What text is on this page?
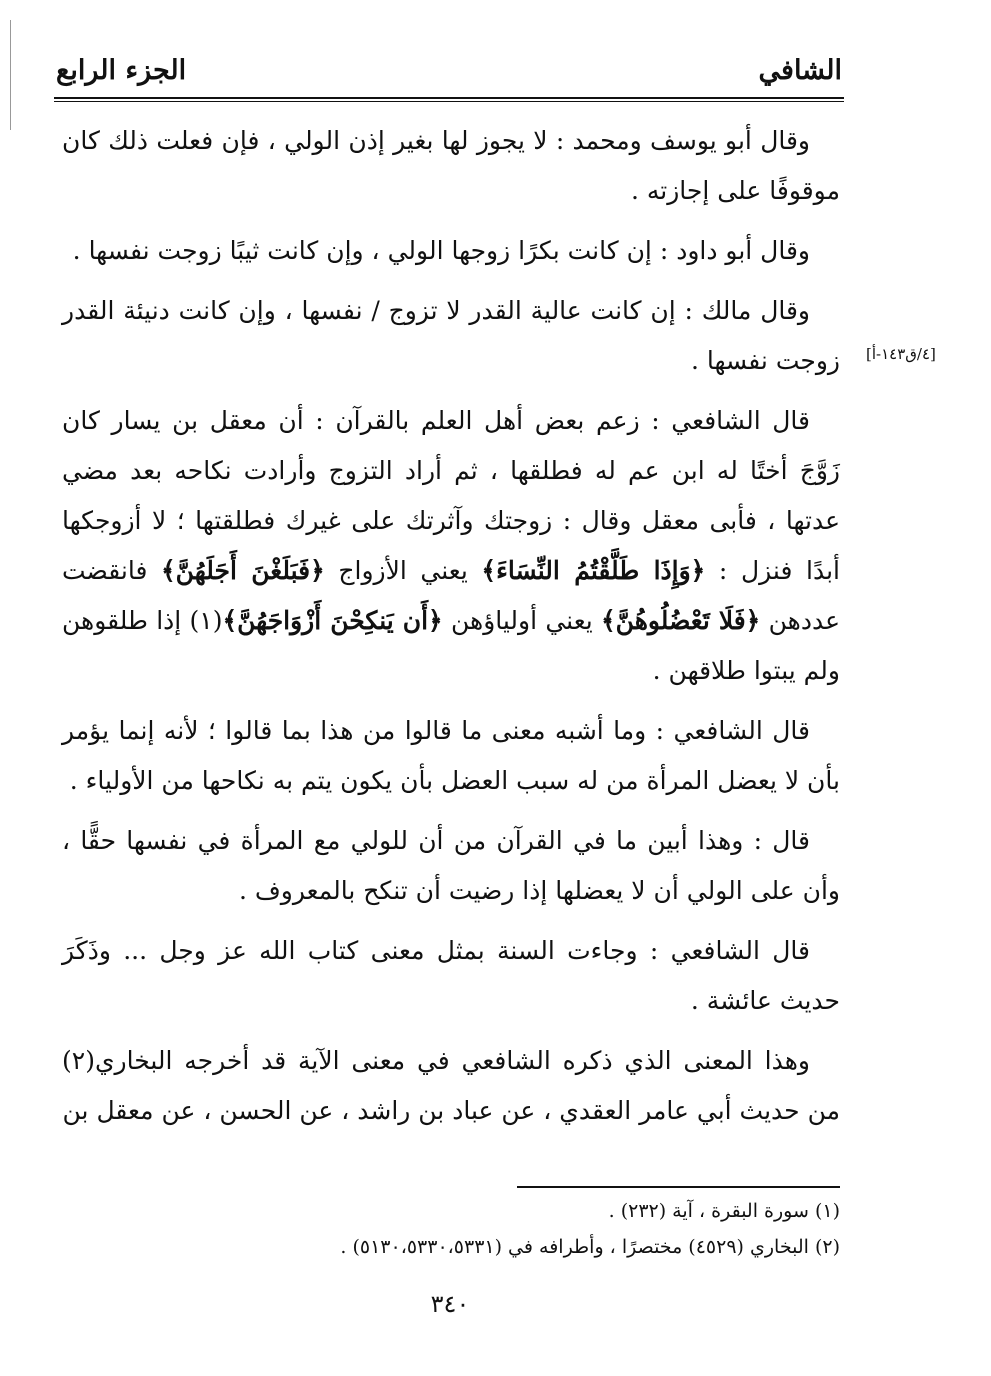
الشافي
الجزء الرابع
[٤/ق١٤٣-أ]

وقال أبو يوسف ومحمد : لا يجوز لها بغير إذن الولي ، فإن فعلت ذلك كان موقوفًا على إجازته .

وقال أبو داود : إن كانت بكرًا زوجها الولي ، وإن كانت ثيبًا زوجت نفسها .

وقال مالك : إن كانت عالية القدر لا تزوج / نفسها ، وإن كانت دنيئة القدر زوجت نفسها .

قال الشافعي : زعم بعض أهل العلم بالقرآن : أن معقل بن يسار كان زَوَّجَ أختًا له ابن عم له فطلقها ، ثم أراد التزوج وأرادت نكاحه بعد مضي عدتها ، فأبى معقل وقال : زوجتك وآثرتك على غيرك فطلقتها ؛ لا أزوجكها أبدًا فنزل : ﴿وَإِذَا طَلَّقْتُمُ النِّسَاءَ﴾ يعني الأزواج ﴿فَبَلَغْنَ أَجَلَهُنَّ﴾ فانقضت عددهن ﴿فَلَا تَعْضُلُوهُنَّ﴾ يعني أولياؤهن ﴿أَن يَنكِحْنَ أَزْوَاجَهُنَّ﴾(١) إذا طلقوهن ولم يبتوا طلاقهن .

قال الشافعي : وما أشبه معنى ما قالوا من هذا بما قالوا ؛ لأنه إنما يؤمر بأن لا يعضل المرأة من له سبب العضل بأن يكون يتم به نكاحها من الأولياء .

قال : وهذا أبين ما في القرآن من أن للولي مع المرأة في نفسها حقًّا ، وأن على الولي أن لا يعضلها إذا رضيت أن تنكح بالمعروف .

قال الشافعي : وجاءت السنة بمثل معنى كتاب الله عز وجل ... وذَكَرَ حديث عائشة .

وهذا المعنى الذي ذكره الشافعي في معنى الآية قد أخرجه البخاري(٢) من حديث أبي عامر العقدي ، عن عباد بن راشد ، عن الحسن ، عن معقل بن

(١) سورة البقرة ، آية (٢٣٢) .
(٢) البخاري (٤٥٢٩) مختصرًا ، وأطرافه في (٥١٣٠،٥٣٣٠،٥٣٣١) .
٣٤٠
